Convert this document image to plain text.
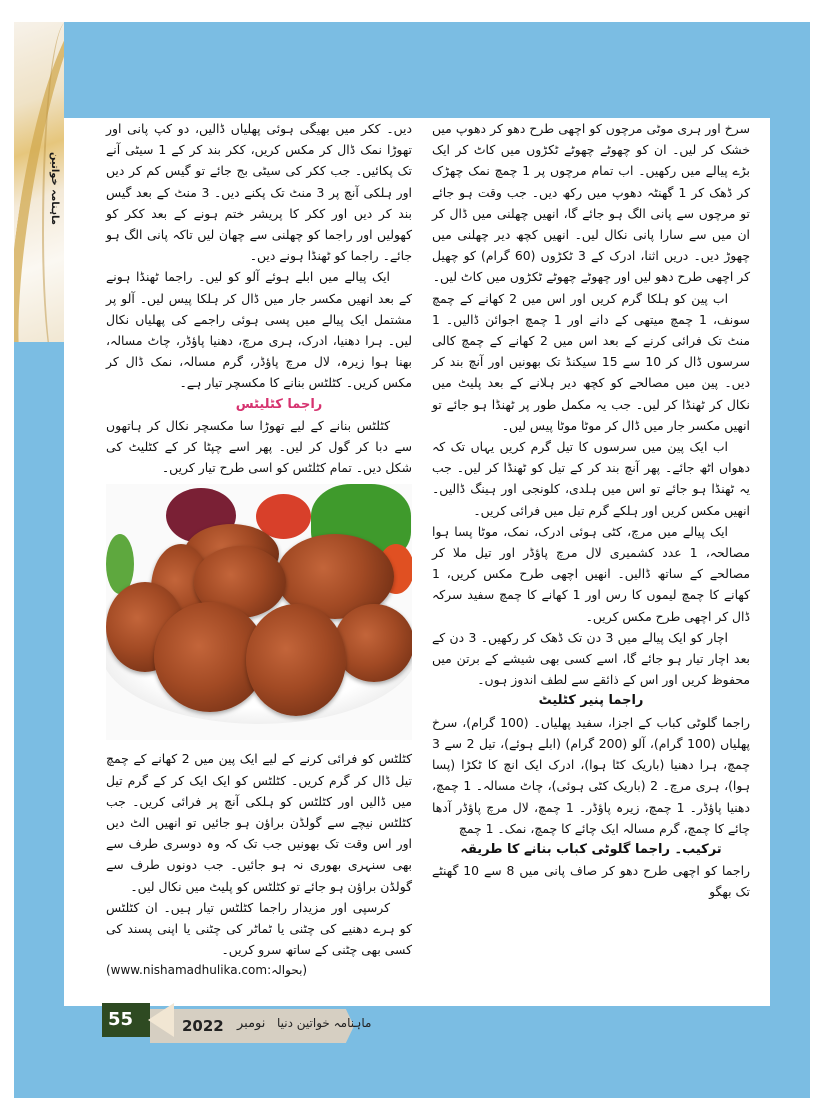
ماہنامہ خواتین

سرخ اور ہری موٹی مرچوں کو اچھی طرح دھو کر دھوپ میں خشک کر لیں۔ ان کو چھوٹے چھوٹے ٹکڑوں میں کاٹ کر ایک بڑے پیالے میں رکھیں۔ اب تمام مرچوں پر 1 چمچ نمک چھڑک کر ڈھک کر 1 گھنٹہ دھوپ میں رکھ دیں۔ جب وقت ہو جائے تو مرچوں سے پانی الگ ہو جائے گا، انھیں چھلنی میں ڈال کر ان میں سے سارا پانی نکال لیں۔ انھیں کچھ دیر چھلنی میں چھوڑ دیں۔ دریں اثنا، ادرک کے 3 ٹکڑوں (60 گرام) کو چھیل کر اچھی طرح دھو لیں اور چھوٹے چھوٹے ٹکڑوں میں کاٹ لیں۔

اب پین کو ہلکا گرم کریں اور اس میں 2 کھانے کے چمچ سونف، 1 چمچ میتھی کے دانے اور 1 چمچ اجوائن ڈالیں۔ 1 منٹ تک فرائی کرنے کے بعد اس میں 2 کھانے کے چمچ کالی سرسوں ڈال کر 10 سے 15 سیکنڈ تک بھونیں اور آنچ بند کر دیں۔ پین میں مصالحے کو کچھ دیر ہلانے کے بعد پلیٹ میں نکال کر ٹھنڈا کر لیں۔ جب یہ مکمل طور پر ٹھنڈا ہو جائے تو انھیں مکسر جار میں ڈال کر موٹا موٹا پیس لیں۔

اب ایک پین میں سرسوں کا تیل گرم کریں یہاں تک کہ دھواں اٹھ جائے۔ پھر آنچ بند کر کے تیل کو ٹھنڈا کر لیں۔ جب یہ ٹھنڈا ہو جائے تو اس میں ہلدی، کلونجی اور ہینگ ڈالیں۔ انھیں مکس کریں اور ہلکے گرم تیل میں فرائی کریں۔

ایک پیالے میں مرچ، کٹی ہوئی ادرک، نمک، موٹا پسا ہوا مصالحہ، 1 عدد کشمیری لال مرچ پاؤڈر اور تیل ملا کر مصالحے کے ساتھ ڈالیں۔ انھیں اچھی طرح مکس کریں، 1 کھانے کا چمچ لیموں کا رس اور 1 کھانے کا چمچ سفید سرکہ ڈال کر اچھی طرح مکس کریں۔

اچار کو ایک پیالے میں 3 دن تک ڈھک کر رکھیں۔ 3 دن کے بعد اچار تیار ہو جائے گا، اسے کسی بھی شیشے کے برتن میں محفوظ کریں اور اس کے ذائقے سے لطف اندوز ہوں۔

راجما پنیر کٹلیٹ

راجما گلوٹی کباب کے اجزا، سفید پھلیاں۔ (100 گرام)، سرخ پھلیاں (100 گرام)، آلو (200 گرام) (ابلے ہوئے)، تیل 2 سے 3 چمچ، ہرا دھنیا (باریک کٹا ہوا)، ادرک ایک انچ کا ٹکڑا (پسا ہوا)، ہری مرچ۔ 2 (باریک کٹی ہوئی)، چاٹ مسالہ۔ 1 چمچ، دھنیا پاؤڈر۔ 1 چمچ، زیرہ پاؤڈر۔ 1 چمچ، لال مرچ پاؤڈر آدھا چائے کا چمچ، گرم مسالہ ایک چائے کا چمچ، نمک۔ 1 چمچ

ترکیب۔ راجما گلوٹی کباب بنانے کا طریقہ

راجما کو اچھی طرح دھو کر صاف پانی میں 8 سے 10 گھنٹے تک بھگو

دیں۔ ککر میں بھیگی ہوئی پھلیاں ڈالیں، دو کپ پانی اور تھوڑا نمک ڈال کر مکس کریں، ککر بند کر کے 1 سیٹی آنے تک پکائیں۔ جب ککر کی سیٹی بج جائے تو گیس کم کر دیں اور ہلکی آنچ پر 3 منٹ تک پکنے دیں۔ 3 منٹ کے بعد گیس بند کر دیں اور ککر کا پریشر ختم ہونے کے بعد ککر کو کھولیں اور راجما کو چھلنی سے چھان لیں تاکہ پانی الگ ہو جائے۔ راجما کو ٹھنڈا ہونے دیں۔

ایک پیالے میں ابلے ہوئے آلو کو لیں۔ راجما ٹھنڈا ہونے کے بعد انھیں مکسر جار میں ڈال کر ہلکا پیس لیں۔ آلو پر مشتمل ایک پیالے میں پسی ہوئی راجمے کی پھلیاں نکال لیں۔ ہرا دھنیا، ادرک، ہری مرچ، دھنیا پاؤڈر، چاٹ مسالہ، بھنا ہوا زیرہ، لال مرچ پاؤڈر، گرم مسالہ، نمک ڈال کر مکس کریں۔ کٹلٹس بنانے کا مکسچر تیار ہے۔

راجما کٹلیٹس

کٹلٹس بنانے کے لیے تھوڑا سا مکسچر نکال کر ہاتھوں سے دبا کر گول کر لیں۔ پھر اسے چپٹا کر کے کٹلیٹ کی شکل دیں۔ تمام کٹلٹس کو اسی طرح تیار کریں۔

کٹلٹس کو فرائی کرنے کے لیے ایک پین میں 2 کھانے کے چمچ تیل ڈال کر گرم کریں۔ کٹلٹس کو ایک ایک کر کے گرم تیل میں ڈالیں اور کٹلٹس کو ہلکی آنچ پر فرائی کریں۔ جب کٹلٹس نیچے سے گولڈن براؤن ہو جائیں تو انھیں الٹ دیں اور اس وقت تک بھونیں جب تک کہ وہ دوسری طرف سے بھی سنہری بھوری نہ ہو جائیں۔ جب دونوں طرف سے گولڈن براؤن ہو جائے تو کٹلٹس کو پلیٹ میں نکال لیں۔

کرسپی اور مزیدار راجما کٹلٹس تیار ہیں۔ ان کٹلٹس کو ہرے دھنیے کی چٹنی یا ٹماٹر کی چٹنی یا اپنی پسند کی کسی بھی چٹنی کے ساتھ سرو کریں۔

(www.nishamadhulika.com:بحوالہ)

55	2022 نومبر ماہنامہ خواتین دنیا
